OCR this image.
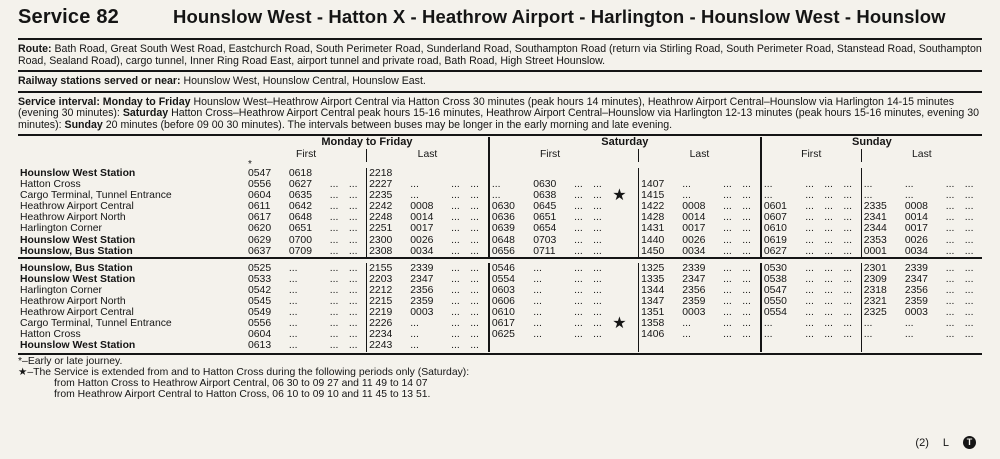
Service 82	Hounslow West - Hatton X - Heathrow Airport - Harlington - Hounslow West - Hounslow
Route: Bath Road, Great South West Road, Eastchurch Road, South Perimeter Road, Sunderland Road, Southampton Road (return via Stirling Road, South Perimeter Road, Stanstead Road, Southampton Road, Sealand Road), cargo tunnel, Inner Ring Road East, airport tunnel and private road, Bath Road, High Street Hounslow.
Railway stations served or near: Hounslow West, Hounslow Central, Hounslow East.
Service interval: Monday to Friday Hounslow West–Heathrow Airport Central via Hatton Cross 30 minutes (peak hours 14 minutes), Heathrow Airport Central–Hounslow via Harlington 14-15 minutes (evening 30 minutes): Saturday Hatton Cross–Heathrow Airport Central peak hours 15-16 minutes, Heathrow Airport Central–Hounslow via Harlington 12-13 minutes (peak hours 15-16 minutes, evening 30 minutes): Sunday 20 minutes (before 09 00 30 minutes). The intervals between buses may be longer in the early morning and late evening.
	Monday to Friday								Saturday									Sunday							
	First				Last				First					Last				First				Last			
	*																								
Hounslow West Station	0547	0618			2218																				
Hatton Cross	0556	0627	...	...	2227	...	...	...	...	0630	...	...		1407	...	...	...	...	...	...	...	...	...	...	...
Cargo Terminal, Tunnel Entrance	0604	0635	...	...	2235	...	...	...	...	0638	...	...	★	1415	...	...	...	...	...	...	...	...	...	...	...
Heathrow Airport Central	0611	0642	...	...	2242	0008	...	...	0630	0645	...	...		1422	0008	...	...	0601	...	...	...	2335	0008	...	...
Heathrow Airport North	0617	0648	...	...	2248	0014	...	...	0636	0651	...	...		1428	0014	...	...	0607	...	...	...	2341	0014	...	...
Harlington Corner	0620	0651	...	...	2251	0017	...	...	0639	0654	...	...		1431	0017	...	...	0610	...	...	...	2344	0017	...	...
Hounslow West Station	0629	0700	...	...	2300	0026	...	...	0648	0703	...	...		1440	0026	...	...	0619	...	...	...	2353	0026	...	...
Hounslow, Bus Station	0637	0709	...	...	2308	0034	...	...	0656	0711	...	...		1450	0034	...	...	0627	...	...	...	0001	0034	...	...

Hounslow, Bus Station	0525	...	...	...	2155	2339	...	...	0546	...	...	...		1325	2339	...	...	0530	...	...	...	2301	2339	...	...
Hounslow West Station	0533	...	...	...	2203	2347	...	...	0554	...	...	...		1335	2347	...	...	0538	...	...	...	2309	2347	...	...
Harlington Corner	0542	...	...	...	2212	2356	...	...	0603	...	...	...		1344	2356	...	...	0547	...	...	...	2318	2356	...	...
Heathrow Airport North	0545	...	...	...	2215	2359	...	...	0606	...	...	...		1347	2359	...	...	0550	...	...	...	2321	2359	...	...
Heathrow Airport Central	0549	...	...	...	2219	0003	...	...	0610	...	...	...		1351	0003	...	...	0554	...	...	...	2325	0003	...	...
Cargo Terminal, Tunnel Entrance	0556	...	...	...	2226	...	...	...	0617	...	...	...	★	1358	...	...	...	...	...	...	...	...	...	...	...
Hatton Cross	0604	...	...	...	2234	...	...	...	0625	...	...	...		1406	...	...	...	...	...	...	...	...	...	...	...
Hounslow West Station	0613	...	...	...	2243	...	...	...																	
*–Early or late journey.
★–The Service is extended from and to Hatton Cross during the following periods only (Saturday):
from Hatton Cross to Heathrow Airport Central, 06 30 to 09 27 and 11 49 to 14 07
from Heathrow Airport Central to Hatton Cross, 06 10 to 09 10 and 11 45 to 13 51.
(2) L	T
